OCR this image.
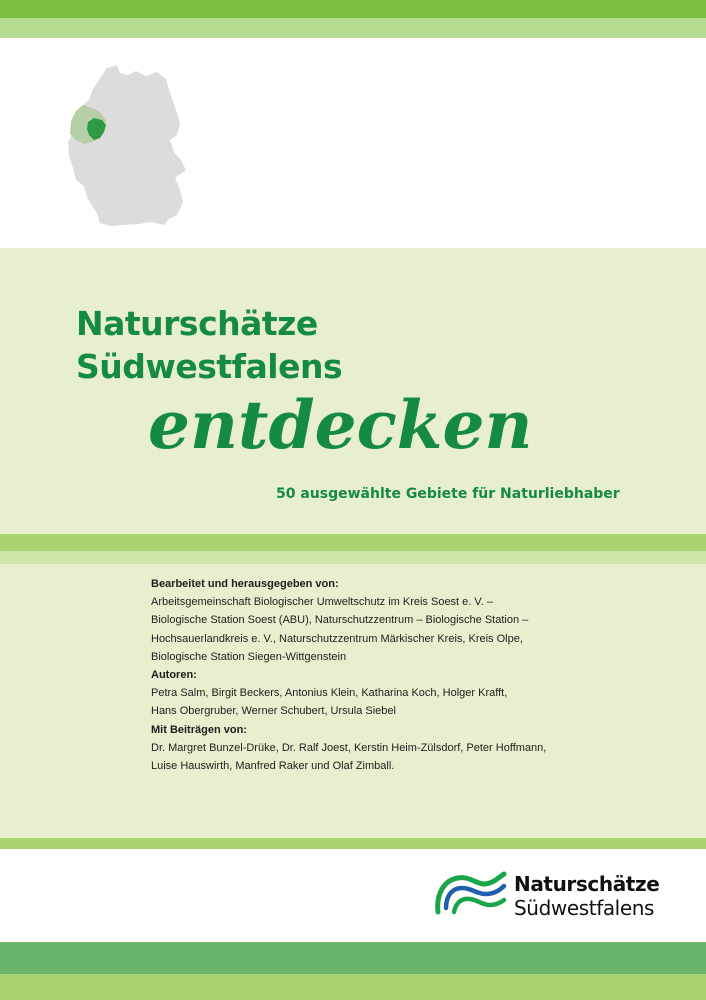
Naturschätze
Südwestfalens
entdecken
50 ausgewählte Gebiete für Naturliebhaber
Bearbeitet und herausgegeben von:
Arbeitsgemeinschaft Biologischer Umweltschutz im Kreis Soest e. V. –
Biologische Station Soest (ABU), Naturschutzzentrum – Biologische Station –
Hochsauerlandkreis e. V., Naturschutzzentrum Märkischer Kreis, Kreis Olpe,
Biologische Station Siegen-Wittgenstein
Autoren:
Petra Salm, Birgit Beckers, Antonius Klein, Katharina Koch, Holger Krafft,
Hans Obergruber, Werner Schubert, Ursula Siebel
Mit Beiträgen von:
Dr. Margret Bunzel-Drüke, Dr. Ralf Joest, Kerstin Heim-Zülsdorf, Peter Hoffmann,
Luise Hauswirth, Manfred Raker und Olaf Zimball.
Naturschätze
Südwestfalens
